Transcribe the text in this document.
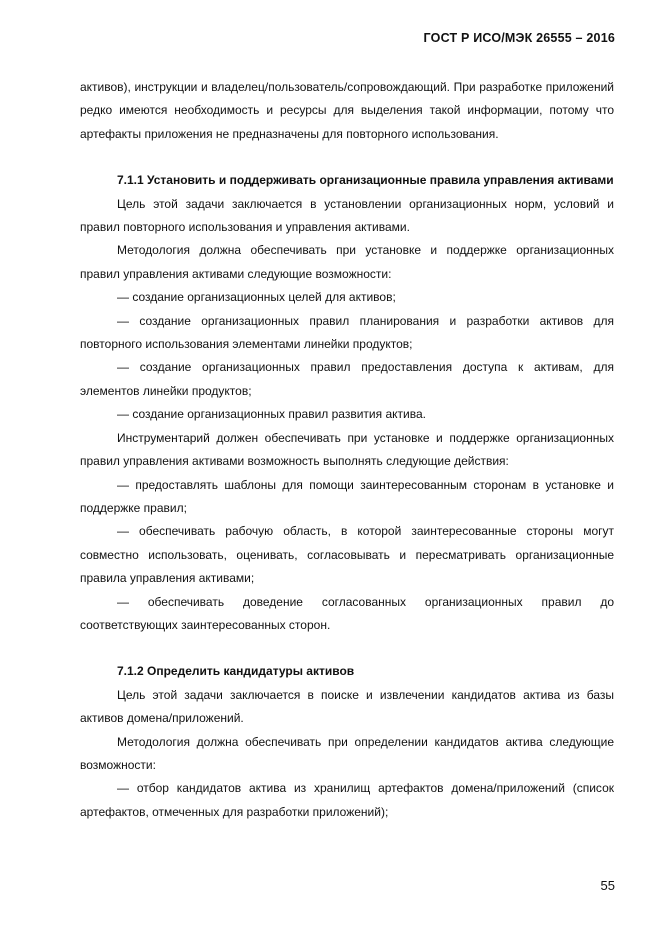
ГОСТ Р ИСО/МЭК 26555 – 2016

активов), инструкции и владелец/пользователь/сопровождающий. При разработке приложений редко имеются необходимость и ресурсы для выделения такой информации, потому что артефакты приложения не предназначены для повторного использования.

7.1.1 Установить и поддерживать организационные правила управления активами

Цель этой задачи заключается в установлении организационных норм, условий и правил повторного использования и управления активами.

Методология должна обеспечивать при установке и поддержке организационных правил управления активами следующие возможности:

— создание организационных целей для активов;

— создание организационных правил планирования и разработки активов для повторного использования элементами линейки продуктов;

— создание организационных правил предоставления доступа к активам, для элементов линейки продуктов;

— создание организационных правил развития актива.

Инструментарий должен обеспечивать при установке и поддержке организационных правил управления активами возможность выполнять следующие действия:

— предоставлять шаблоны для помощи заинтересованным сторонам в установке и поддержке правил;

— обеспечивать рабочую область, в которой заинтересованные стороны могут совместно использовать, оценивать, согласовывать и пересматривать организационные правила управления активами;

— обеспечивать доведение согласованных организационных правил до соответствующих заинтересованных сторон.

7.1.2 Определить кандидатуры активов

Цель этой задачи заключается в поиске и извлечении кандидатов актива из базы активов домена/приложений.

Методология должна обеспечивать при определении кандидатов актива следующие возможности:

— отбор кандидатов актива из хранилищ артефактов домена/приложений (список артефактов, отмеченных для разработки приложений);

55
